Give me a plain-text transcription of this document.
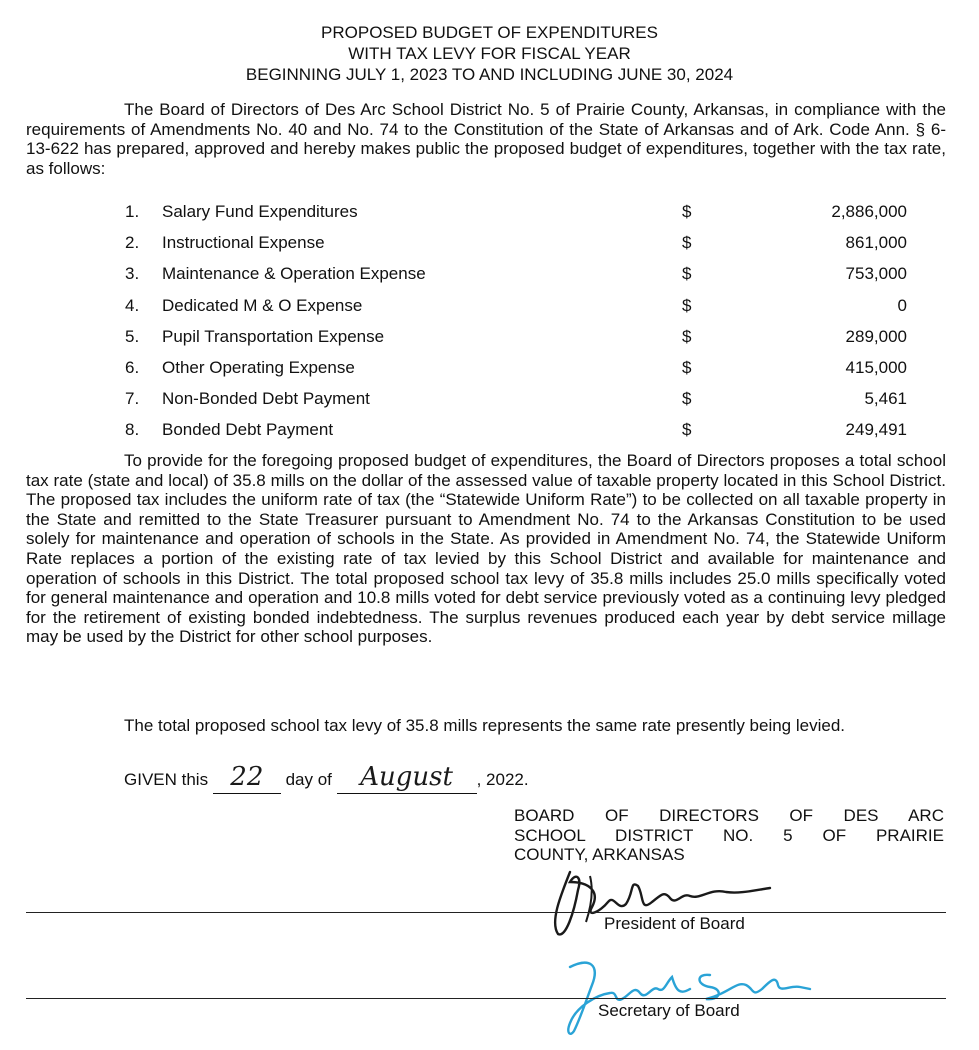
PROPOSED BUDGET OF EXPENDITURES
WITH TAX LEVY FOR FISCAL YEAR
BEGINNING JULY 1, 2023 TO AND INCLUDING JUNE 30, 2024

The Board of Directors of Des Arc School District No. 5 of Prairie County, Arkansas, in compliance with the requirements of Amendments No. 40 and No. 74 to the Constitution of the State of Arkansas and of Ark. Code Ann. § 6-13-622 has prepared, approved and hereby makes public the proposed budget of expenditures, together with the tax rate, as follows:

1. Salary Fund Expenditures	$	2,886,000
2. Instructional Expense	$	861,000
3. Maintenance & Operation Expense	$	753,000
4. Dedicated M & O Expense	$	0
5. Pupil Transportation Expense	$	289,000
6. Other Operating Expense	$	415,000
7. Non-Bonded Debt Payment	$	5,461
8. Bonded Debt Payment	$	249,491

To provide for the foregoing proposed budget of expenditures, the Board of Directors proposes a total school tax rate (state and local) of 35.8 mills on the dollar of the assessed value of taxable property located in this School District. The proposed tax includes the uniform rate of tax (the “Statewide Uniform Rate”) to be collected on all taxable property in the State and remitted to the State Treasurer pursuant to Amendment No. 74 to the Arkansas Constitution to be used solely for maintenance and operation of schools in the State. As provided in Amendment No. 74, the Statewide Uniform Rate replaces a portion of the existing rate of tax levied by this School District and available for maintenance and operation of schools in this District. The total proposed school tax levy of 35.8 mills includes 25.0 mills specifically voted for general maintenance and operation and 10.8 mills voted for debt service previously voted as a continuing levy pledged for the retirement of existing bonded indebtedness. The surplus revenues produced each year by debt service millage may be used by the District for other school purposes.

The total proposed school tax levy of 35.8 mills represents the same rate presently being levied.

GIVEN this 22 day of August , 2022.
BOARD OF DIRECTORS OF DES ARC
SCHOOL DISTRICT NO. 5 OF PRAIRIE
COUNTY, ARKANSAS
President of Board
Secretary of Board
